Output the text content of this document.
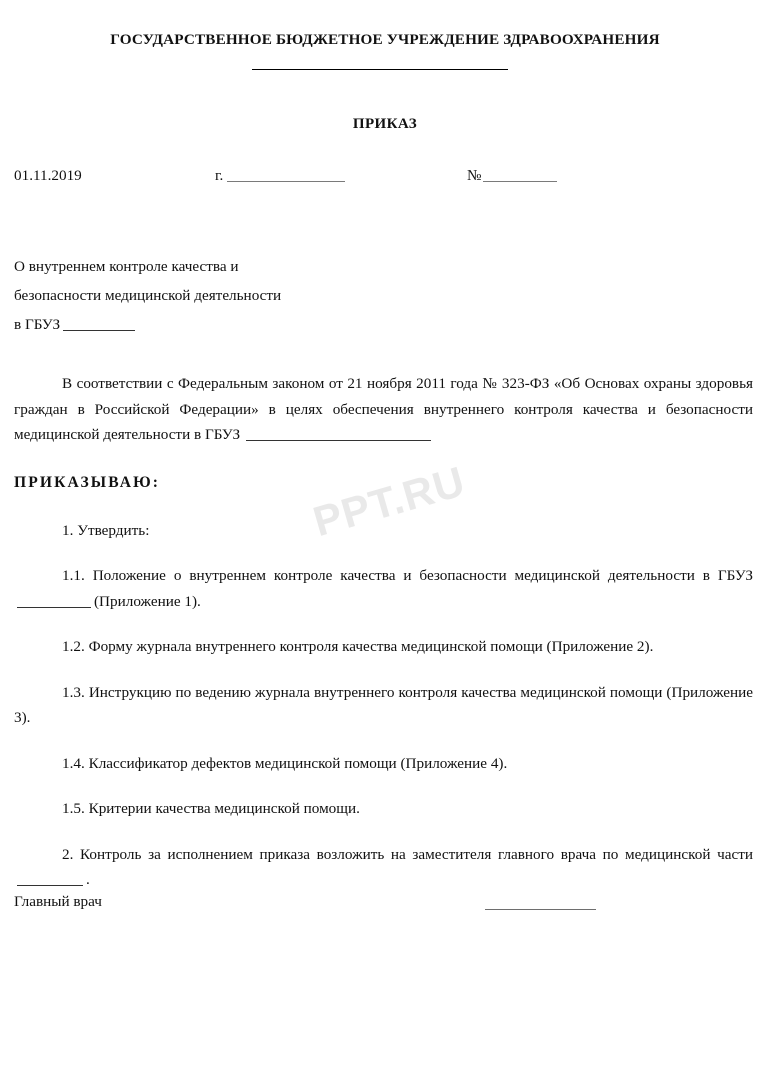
PPT.RU
ГОСУДАРСТВЕННОЕ БЮДЖЕТНОЕ УЧРЕЖДЕНИЕ ЗДРАВООХРАНЕНИЯ
ПРИКАЗ
01.11.2019	г.	№
О внутреннем контроле качества и
безопасности медицинской деятельности
в ГБУЗ

В соответствии с Федеральным законом от 21 ноября 2011 года № 323-ФЗ «Об Основах охраны здоровья граждан в Российской Федерации» в целях обеспечения внутреннего контроля качества и безопасности медицинской деятельности в ГБУЗ

ПРИКАЗЫВАЮ:

1. Утвердить:

1.1. Положение о внутреннем контроле качества и безопасности медицинской деятельности в ГБУЗ(Приложение 1).

1.2. Форму журнала внутреннего контроля качества медицинской помощи (Приложение 2).

1.3. Инструкцию по ведению журнала внутреннего контроля качества медицинской помощи (Приложение 3).

1.4. Классификатор дефектов медицинской помощи (Приложение 4).

1.5. Критерии качества медицинской помощи.

2. Контроль за исполнением приказа возложить на заместителя главного врача по медицинской части.

Главный врач
